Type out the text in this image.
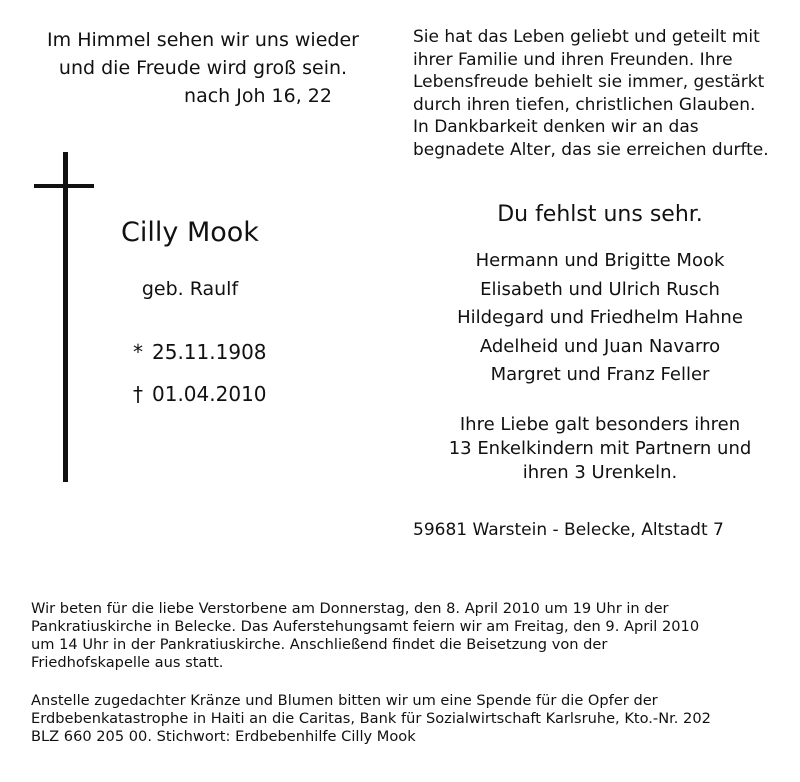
Im Himmel sehen wir uns wieder
und die Freude wird groß sein.

nach Joh 16, 22
Cilly Mook
geb. Raulf
* 25.11.1908
† 01.04.2010
Sie hat das Leben geliebt und geteilt mit
ihrer Familie und ihren Freunden. Ihre
Lebensfreude behielt sie immer, gestärkt
durch ihren tiefen, christlichen Glauben.
In Dankbarkeit denken wir an das
begnadete Alter, das sie erreichen durfte.
Du fehlst uns sehr.
Hermann und Brigitte Mook
Elisabeth und Ulrich Rusch
Hildegard und Friedhelm Hahne
Adelheid und Juan Navarro
Margret und Franz Feller
Ihre Liebe galt besonders ihren
13 Enkelkindern mit Partnern und
ihren 3 Urenkeln.
59681 Warstein - Belecke, Altstadt 7
Wir beten für die liebe Verstorbene am Donnerstag, den 8. April 2010 um 19 Uhr in der
Pankratiuskirche in Belecke. Das Auferstehungsamt feiern wir am Freitag, den 9. April 2010
um 14 Uhr in der Pankratiuskirche. Anschließend findet die Beisetzung von der
Friedhofskapelle aus statt.
Anstelle zugedachter Kränze und Blumen bitten wir um eine Spende für die Opfer der
Erdbebenkatastrophe in Haiti an die Caritas, Bank für Sozialwirtschaft Karlsruhe, Kto.-Nr. 202
BLZ 660 205 00. Stichwort: Erdbebenhilfe Cilly Mook
